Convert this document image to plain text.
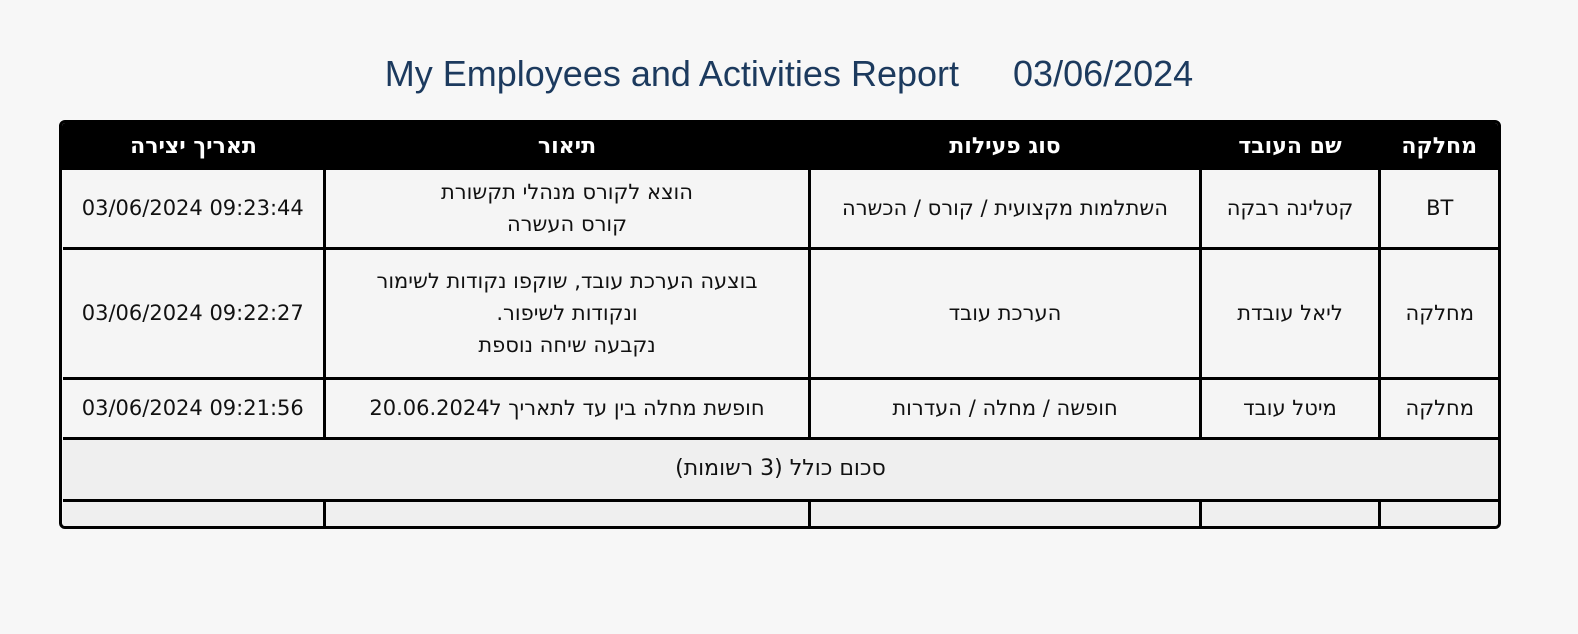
My Employees and Activities Report 03/06/2024
מחלקה	שם העובד	סוג פעילות	תיאור	תאריך יצירה
BT	קטלינה רבקה	השתלמות מקצועית / קורס / הכשרה	הוצא לקורס מנהלי תקשורת
קורס העשרה	03/06/2024 09:23:44
מחלקה	ליאל עובדת	הערכת עובד	בוצעה הערכת עובד, שוקפו נקודות לשימור
ונקודות לשיפור.
נקבעה שיחה נוספת	03/06/2024 09:22:27
מחלקה	מיטל עובד	חופשה / מחלה / העדרות	חופשת מחלה בין עד לתאריך ל20.06.2024	03/06/2024 09:21:56
סכום כולל (3 רשומות)				
